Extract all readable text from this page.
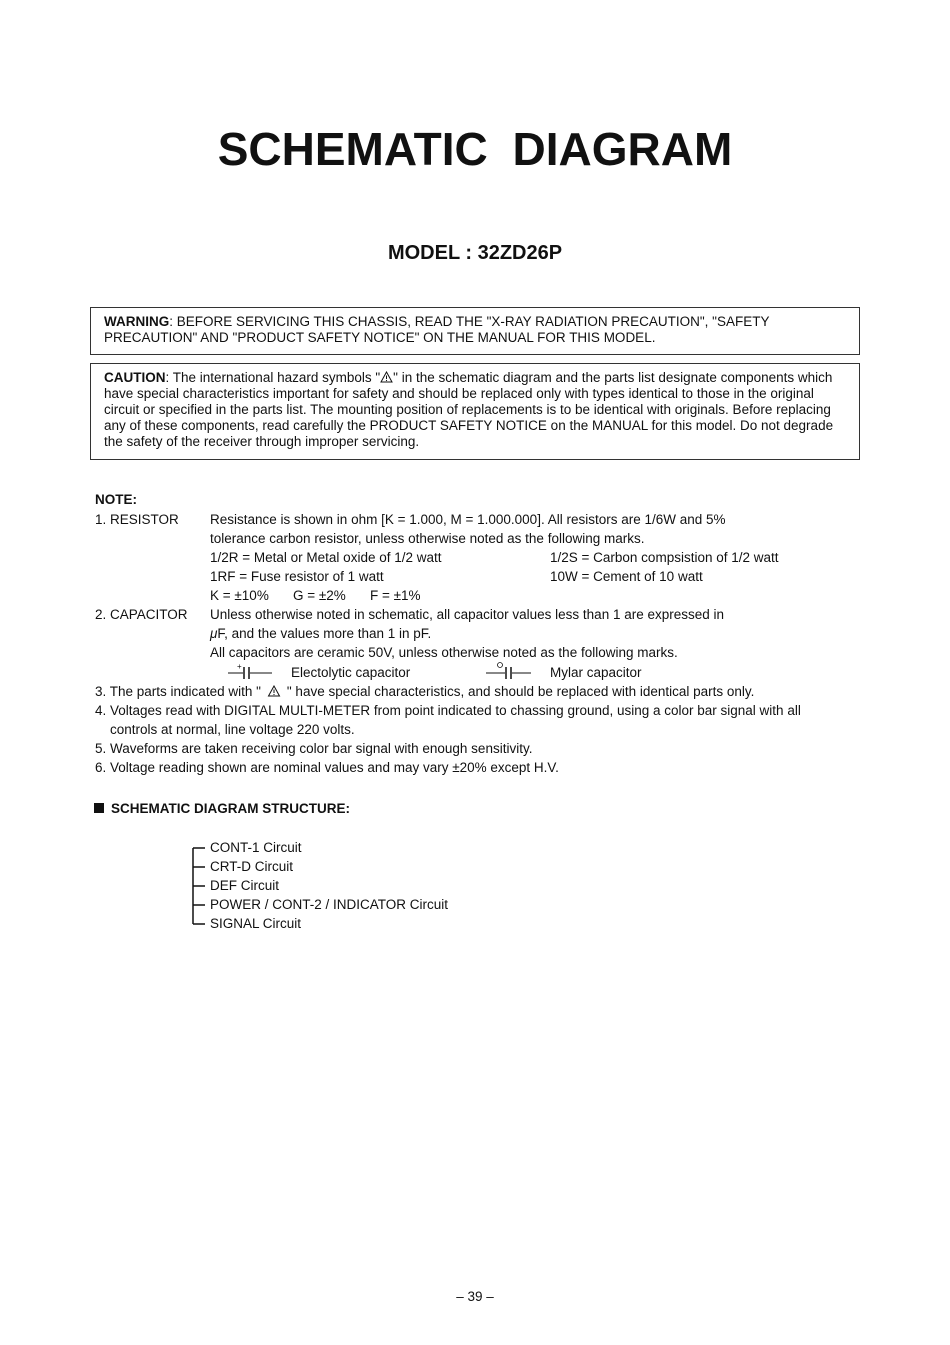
SCHEMATIC DIAGRAM
MODEL : 32ZD26P
WARNING: BEFORE SERVICING THIS CHASSIS, READ THE "X-RAY RADIATION PRECAUTION", "SAFETY PRECAUTION" AND "PRODUCT SAFETY NOTICE" ON THE MANUAL FOR THIS MODEL.
CAUTION: The international hazard symbols " " in the schematic diagram and the parts list designate components which have special characteristics important for safety and should be replaced only with types identical to those in the original circuit or specified in the parts list. The mounting position of replacements is to be identical with originals. Before replacing any of these components, read carefully the PRODUCT SAFETY NOTICE on the MANUAL for this model. Do not degrade the safety of the receiver through improper servicing.
NOTE:
1. RESISTOR Resistance is shown in ohm [K = 1.000, M = 1.000.000]. All resistors are 1/6W and 5%
tolerance carbon resistor, unless otherwise noted as the following marks.
1/2R = Metal or Metal oxide of 1/2 watt	1/2S = Carbon compsistion of 1/2 watt
1RF = Fuse resistor of 1 watt	10W = Cement of 10 watt
K = ±10% G = ±2% F = ±1%
2. CAPACITOR Unless otherwise noted in schematic, all capacitor values less than 1 are expressed in
μF, and the values more than 1 in pF.
All capacitors are ceramic 50V, unless otherwise noted as the following marks.
+	Electolytic capacitor	Mylar capacitor
3. The parts indicated with " " have special characteristics, and should be replaced with identical parts only.
4. Voltages read with DIGITAL MULTI-METER from point indicated to chassing ground, using a color bar signal with all
controls at normal, line voltage 220 volts.
5. Waveforms are taken receiving color bar signal with enough sensitivity.
6. Voltage reading shown are nominal values and may vary ±20% except H.V.
SCHEMATIC DIAGRAM STRUCTURE:
CONT-1 Circuit
CRT-D Circuit
DEF Circuit
POWER / CONT-2 / INDICATOR Circuit
SIGNAL Circuit
– 39 –
